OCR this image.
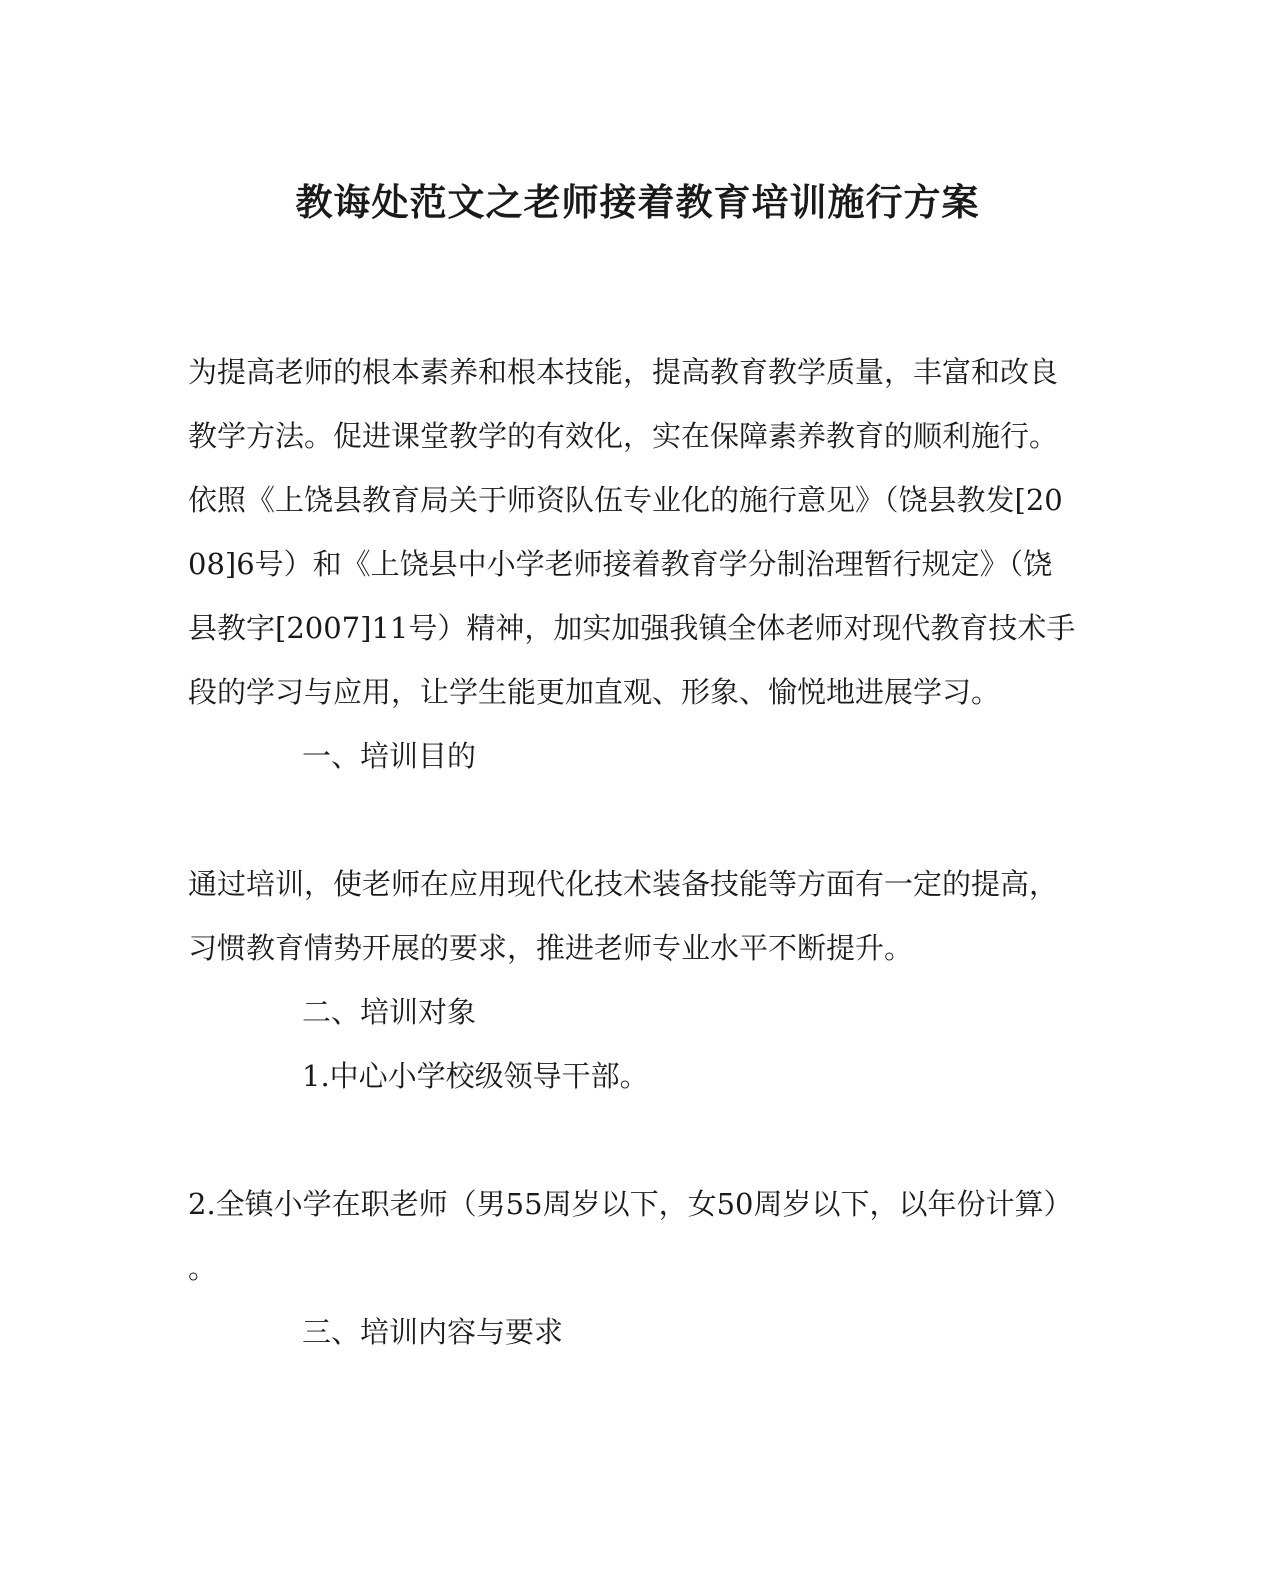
教诲处范文之老师接着教育培训施行方案
为提高老师的根本素养和根本技能，提高教育教学质量，丰富和改良
教学方法。促进课堂教学的有效化，实在保障素养教育的顺利施行。
依照《上饶县教育局关于师资队伍专业化的施行意见》（饶县教发[20
08]6号）和《上饶县中小学老师接着教育学分制治理暂行规定》（饶
县教字[2007]11号）精神，加实加强我镇全体老师对现代教育技术手
段的学习与应用，让学生能更加直观、形象、愉悦地进展学习。
一、培训目的
通过培训，使老师在应用现代化技术装备技能等方面有一定的提高，
习惯教育情势开展的要求，推进老师专业水平不断提升。
二、培训对象
1.中心小学校级领导干部。
2.全镇小学在职老师（男55周岁以下，女50周岁以下，以年份计算）
。
三、培训内容与要求
